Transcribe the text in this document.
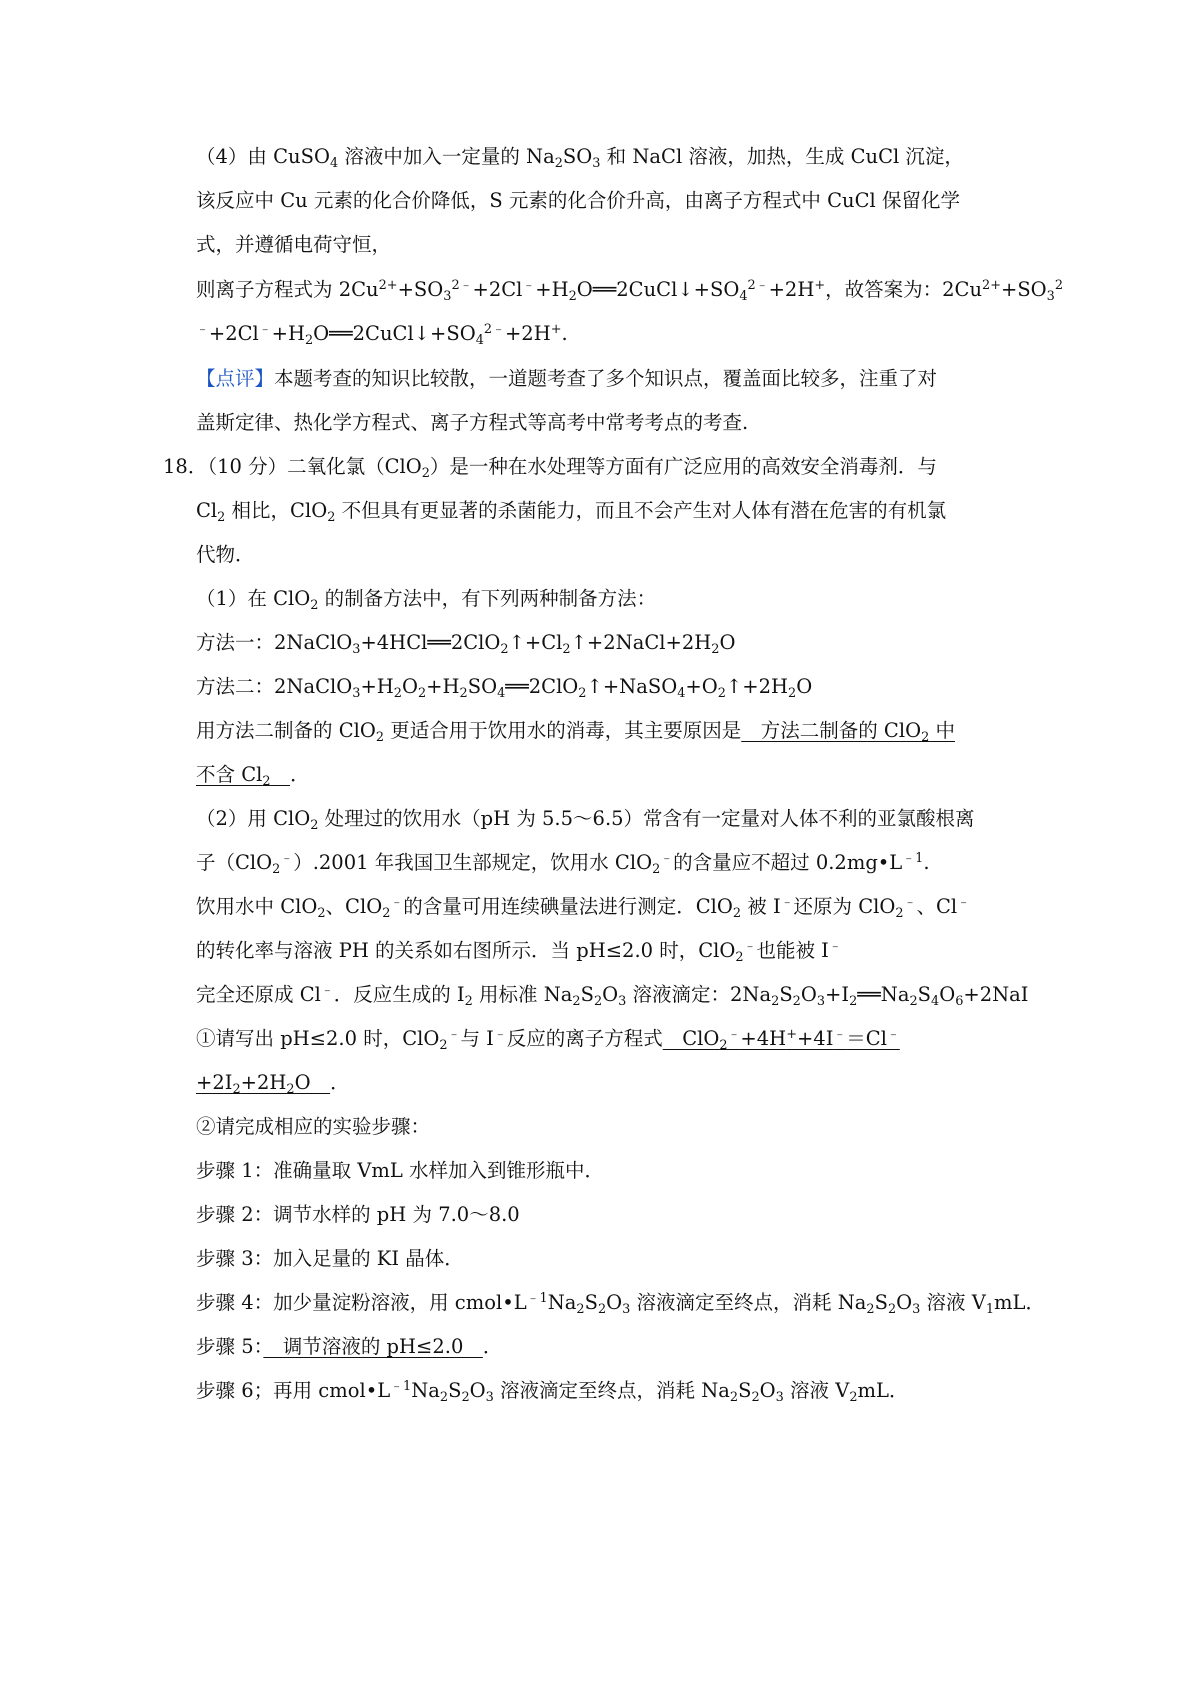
（4）由 CuSO$_4$ 溶液中加入一定量的 $Na_2SO_3$ 和 NaCl 溶液，加热，生成 CuCl 沉淀，
该反应中 Cu 元素的化合价降低，S 元素的化合价升高，由离子方程式中 CuCl 保留化学
式，并遵循电荷守恒，
则离子方程式为 $2Cu^{2+}+SO_3^{2﹣}+2Cl^﹣+H_2O══2CuCl↓+SO_4^{2﹣}+2H^+$，故答案为：$2Cu^{2+}+SO_3^2$
$^﹣+2Cl^﹣+H_2O══2CuCl↓+SO_4^{2﹣}+2H^+$.
【点评】本题考查的知识比较散，一道题考查了多个知识点，覆盖面比较多，注重了对
盖斯定律、热化学方程式、离子方程式等高考中常考考点的考查.
18．（10 分）二氧化氯（ClO$_2$）是一种在水处理等方面有广泛应用的高效安全消毒剂．与
$Cl_2$ 相比，ClO$_2$ 不但具有更显著的杀菌能力，而且不会产生对人体有潜在危害的有机氯
代物．
（1）在 ClO$_2$ 的制备方法中，有下列两种制备方法：
方法一：$2NaClO_3+4HCl══2ClO_2↑+Cl_2↑+2NaCl+2H_2O$
方法二：$2NaClO_3+H_2O_2+H_2SO_4══2ClO_2↑+NaSO_4+O_2↑+2H_2O$
用方法二制备的 ClO$_2$ 更适合用于饮用水的消毒，其主要原因是　方法二制备的 ClO$_2$ 中
不含 $Cl_2$　 ．
（2）用 ClO$_2$ 处理过的饮用水（pH 为 5.5～6.5）常含有一定量对人体不利的亚氯酸根离
子（ClO$_2$﹣）.2001 年我国卫生部规定，饮用水 ClO$_2$﹣的含量应不超过 $0.2mg•L^{﹣1}$.
饮用水中 ClO$_2$、ClO$_2$﹣的含量可用连续碘量法进行测定．ClO$_2$ 被 I﹣还原为 ClO$_2$﹣、Cl﹣
的转化率与溶液 PH 的关系如右图所示．当 pH≤2.0 时，ClO$_2$﹣也能被 I﹣
完全还原成 Cl﹣．反应生成的 $I_2$ 用标准 $Na_2S_2O_3$ 溶液滴定：$2Na_2S_2O_3+I_2══Na_2S_4O_6+2NaI$
①请写出 pH≤2.0 时，ClO$_2$﹣与 I﹣反应的离子方程式　ClO$_2$﹣+4H++4I﹣＝Cl﹣
$+2I_2+2H_2O$　．
②请完成相应的实验步骤：
步骤 1：准确量取 VmL 水样加入到锥形瓶中．
步骤 2：调节水样的 pH 为 7.0～8.0
步骤 3：加入足量的 KI 晶体．
步骤 4：加少量淀粉溶液，用 $cmol•L^{﹣1}Na_2S_2O_3$ 溶液滴定至终点，消耗 $Na_2S_2O_3$ 溶液 $V_1mL$．
步骤 5：　调节溶液的 pH≤2.0　．
步骤 6；再用 $cmol•L^{﹣1}Na_2S_2O_3$ 溶液滴定至终点，消耗 $Na_2S_2O_3$ 溶液 $V_2mL$．
